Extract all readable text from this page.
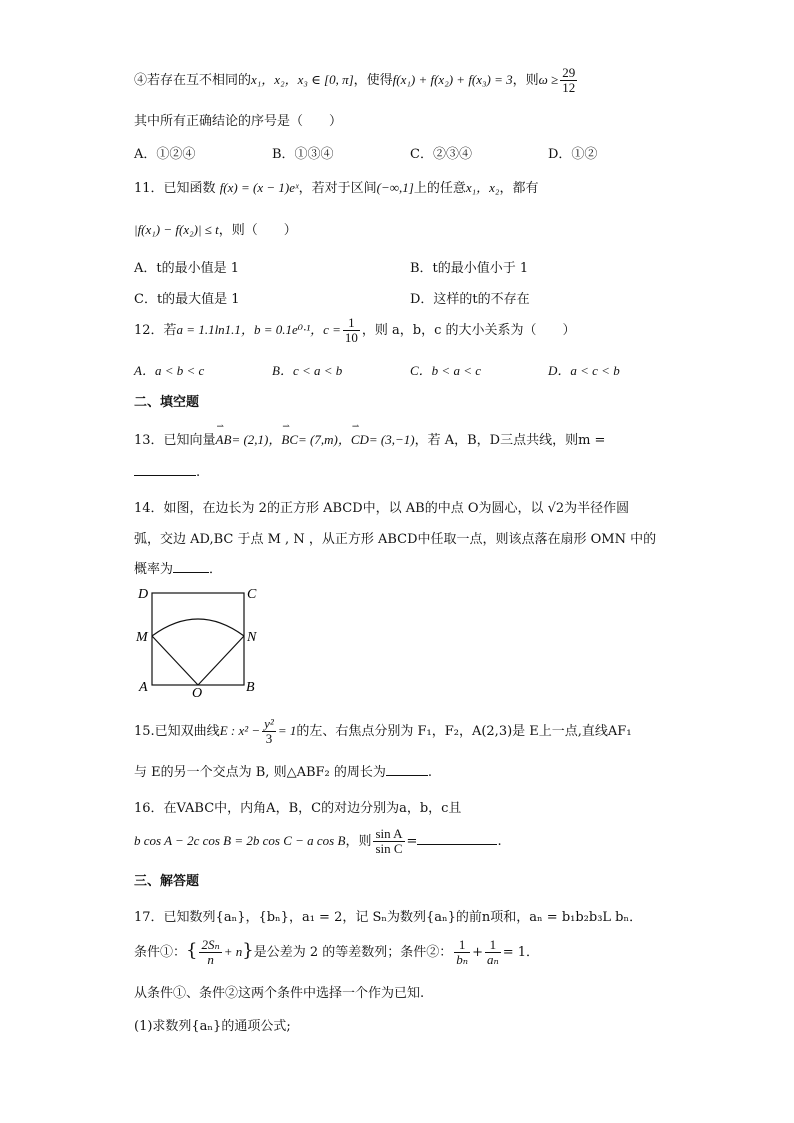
④若存在互不相同的x₁，x₂，x₃ ∈ [0, π]，使得f(x₁) + f(x₂) + f(x₃) = 3，则$\omega \ge \frac{29}{12}$
其中所有正确结论的序号是（　　）
A．①②④	B．①③④	C．②③④	D．①②
11．已知函数 f(x) = (x − 1)eˣ，若对于区间(−∞,1]上的任意x₁，x₂，都有
|f(x₁) − f(x₂)| ≤ t，则（　　）
A．t的最小值是 1	B．t的最小值小于 1
C．t的最大值是 1	D．这样的t的不存在
12．若a = 1.1ln1.1，b = 0.1e⁰·¹，$c = \frac{1}{10}$ ，则 a，b，c 的大小关系为（　　）
A．a < b < c	B．c < a < b	C．b < a < c	D．a < c < b
二、填空题
13．已知向量⇀ AB= (2,1)，⇀ BC= (7,m)，⇀ CD= (3,−1)，若 A，B，D三点共线，则m =
.
14．如图，在边长为 2的正方形 ABCD中，以 AB的中点 O为圆心，以 √2为半径作圆
弧，交边 AD,BC 于点 M , N ，从正方形 ABCD中任取一点，则该点落在扇形 OMN 中的
概率为	．
D	C
M	N
A	O	B
15.已知双曲线E : $x^2 - \frac{\text{y²}}{3} = 1$的左、右焦点分别为 F₁，F₂，A(2,3)是 E上一点,直线AF₁
与 E的另一个交点为 B, 则△ABF₂ 的周长为	.
16．在VABC中，内角A，B，C的对边分别为a，b，c且
b cos A − 2c cos B = 2b cos C − a cos B，则 $\frac{\text{sin A}}{\text{sin C}}$ =	.
三、解答题
17．已知数列{aₙ}，{bₙ}，a₁ = 2，记 Sₙ为数列{aₙ}的前n项和，aₙ = b₁b₂b₃L bₙ．
条件①：{ $\frac{\text{2Sₙ}}{n} + n$}是公差为 2 的等差数列；条件②： $\frac{1}{\text{bₙ}} + \frac{1}{\text{aₙ}} = 1$．
从条件①、条件②这两个条件中选择一个作为已知.
(1)求数列{aₙ}的通项公式;
